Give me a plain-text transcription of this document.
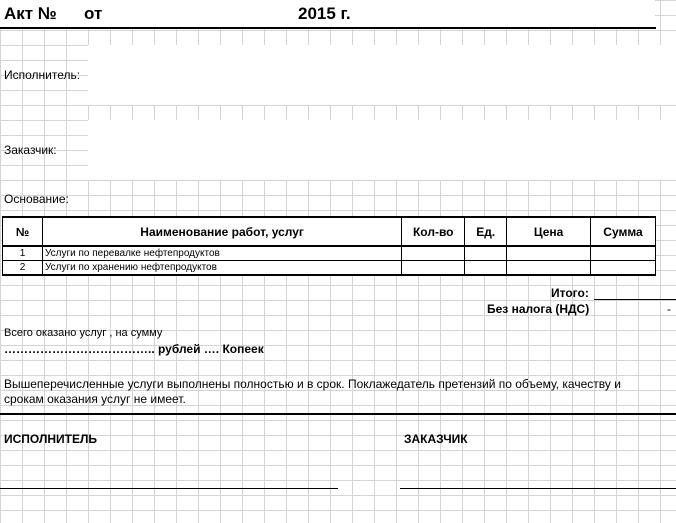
Акт № от	2015 г.
Исполнитель:
Заказчик:
Основание:
№	Наименование работ, услуг	Кол-во	Ед.	Цена	Сумма
1	Услуги по перевалке нефтепродуктов				
2	Услуги по хранению нефтепродуктов				
Итого:
Без налога (НДС)	-
Всего оказано услуг , на сумму
……………………………….. рублей …. Копеек
Вышеперечисленные услуги выполнены полностью и в срок. Поклажедатель претензий по объему, качеству и
срокам оказания услуг не имеет.
ИСПОЛНИТЕЛЬ	ЗАКАЗЧИК
